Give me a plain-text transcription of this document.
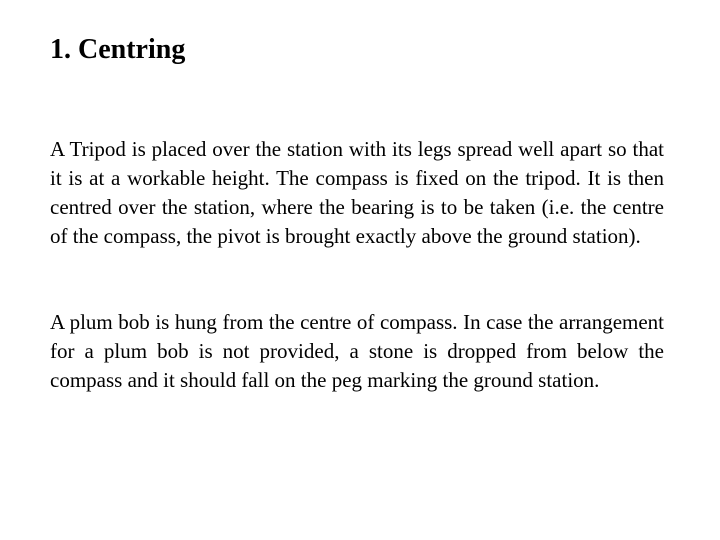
1. Centring

A Tripod is placed over the station with its legs spread well apart so that it is at a workable height. The compass is fixed on the tripod. It is then centred over the station, where the bearing is to be taken (i.e. the centre of the compass, the pivot is brought exactly above the ground station).

A plum bob is hung from the centre of compass. In case the arrangement for a plum bob is not provided, a stone is dropped from below the compass and it should fall on the peg marking the ground station.
